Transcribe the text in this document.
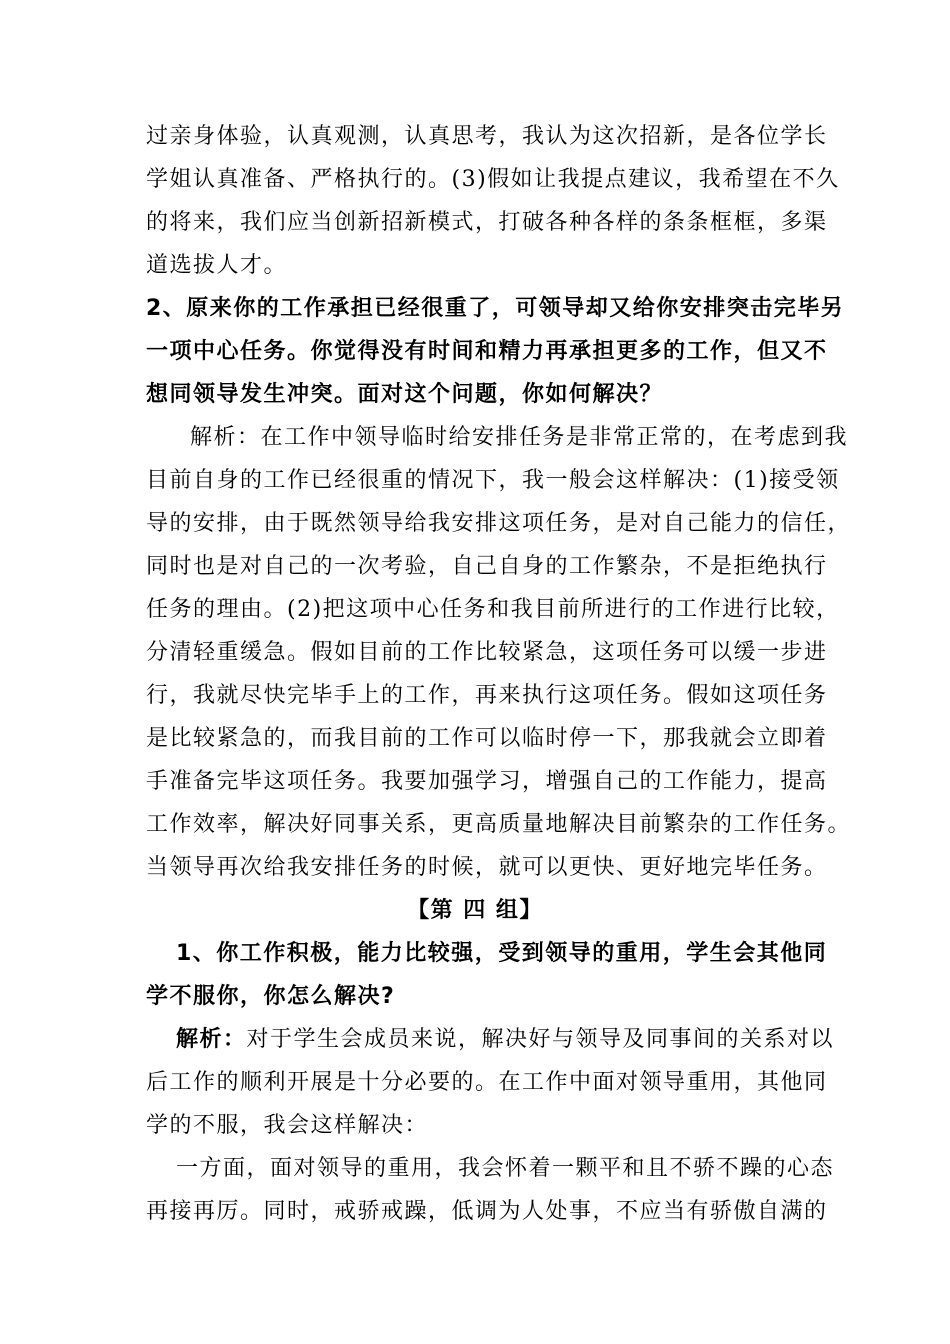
过亲身体验，认真观测，认真思考，我认为这次招新，是各位学长
学姐认真准备、严格执行的。(3)假如让我提点建议，我希望在不久
的将来，我们应当创新招新模式，打破各种各样的条条框框，多渠
道选拔人才。
2、原来你的工作承担已经很重了，可领导却又给你安排突击完毕另
一项中心任务。你觉得没有时间和精力再承担更多的工作，但又不
想同领导发生冲突。面对这个问题，你如何解决？
解析：在工作中领导临时给安排任务是非常正常的，在考虑到我
目前自身的工作已经很重的情况下，我一般会这样解决：(1)接受领
导的安排，由于既然领导给我安排这项任务，是对自己能力的信任，
同时也是对自己的一次考验，自己自身的工作繁杂，不是拒绝执行
任务的理由。(2)把这项中心任务和我目前所进行的工作进行比较，
分清轻重缓急。假如目前的工作比较紧急，这项任务可以缓一步进
行，我就尽快完毕手上的工作，再来执行这项任务。假如这项任务
是比较紧急的，而我目前的工作可以临时停一下，那我就会立即着
手准备完毕这项任务。我要加强学习，增强自己的工作能力，提高
工作效率，解决好同事关系，更高质量地解决目前繁杂的工作任务。
当领导再次给我安排任务的时候，就可以更快、更好地完毕任务。
【第 四 组】
1、你工作积极，能力比较强，受到领导的重用，学生会其他同
学不服你，你怎么解决?
解析：对于学生会成员来说，解决好与领导及同事间的关系对以
后工作的顺利开展是十分必要的。在工作中面对领导重用，其他同
学的不服，我会这样解决：
一方面，面对领导的重用，我会怀着一颗平和且不骄不躁的心态
再接再厉。同时，戒骄戒躁，低调为人处事，不应当有骄傲自满的
